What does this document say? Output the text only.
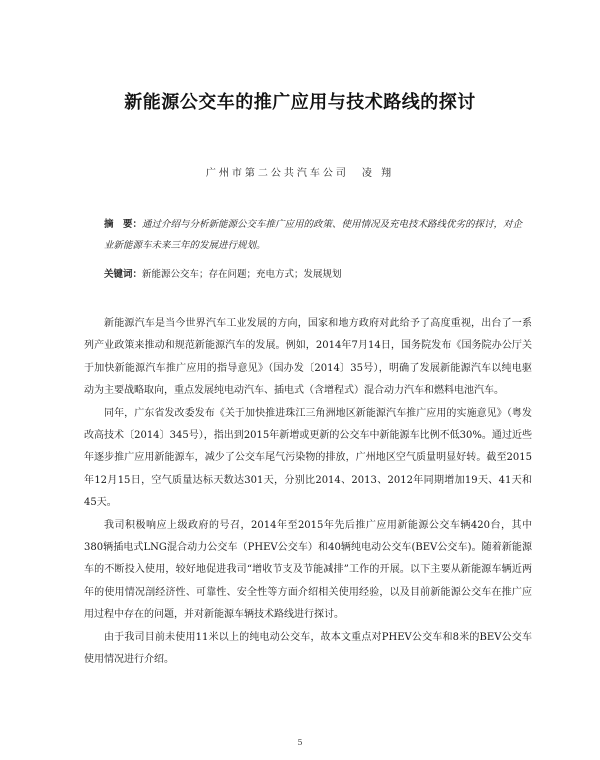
新能源公交车的推广应用与技术路线的探讨
广州市第二公共汽车公司　凌 翔
摘　要：通过介绍与分析新能源公交车推广应用的政策、使用情况及充电技术路线优劣的探讨，对企业新能源车未来三年的发展进行规划。
关键词：新能源公交车；存在问题；充电方式；发展规划

新能源汽车是当今世界汽车工业发展的方向，国家和地方政府对此给予了高度重视，出台了一系列产业政策来推动和规范新能源汽车的发展。例如，2014年7月14日，国务院发布《国务院办公厅关于加快新能源汽车推广应用的指导意见》（国办发〔2014〕35号），明确了发展新能源汽车以纯电驱动为主要战略取向，重点发展纯电动汽车、插电式（含增程式）混合动力汽车和燃料电池汽车。

同年，广东省发改委发布《关于加快推进珠江三角洲地区新能源汽车推广应用的实施意见》（粤发改高技术〔2014〕345号），指出到2015年新增或更新的公交车中新能源车比例不低30%。通过近些年逐步推广应用新能源车，减少了公交车尾气污染物的排放，广州地区空气质量明显好转。截至2015年12月15日，空气质量达标天数达301天，分别比2014、2013、2012年同期增加19天、41天和45天。

我司积极响应上级政府的号召，2014年至2015年先后推广应用新能源公交车辆420台，其中380辆插电式LNG混合动力公交车（PHEV公交车）和40辆纯电动公交车(BEV公交车)。随着新能源车的不断投入使用，较好地促进我司“增收节支及节能减排”工作的开展。以下主要从新能源车辆近两年的使用情况剖经济性、可靠性、安全性等方面介绍相关使用经验，以及目前新能源公交车在推广应用过程中存在的问题，并对新能源车辆技术路线进行探讨。

由于我司目前未使用11米以上的纯电动公交车，故本文重点对PHEV公交车和8米的BEV公交车使用情况进行介绍。

5
